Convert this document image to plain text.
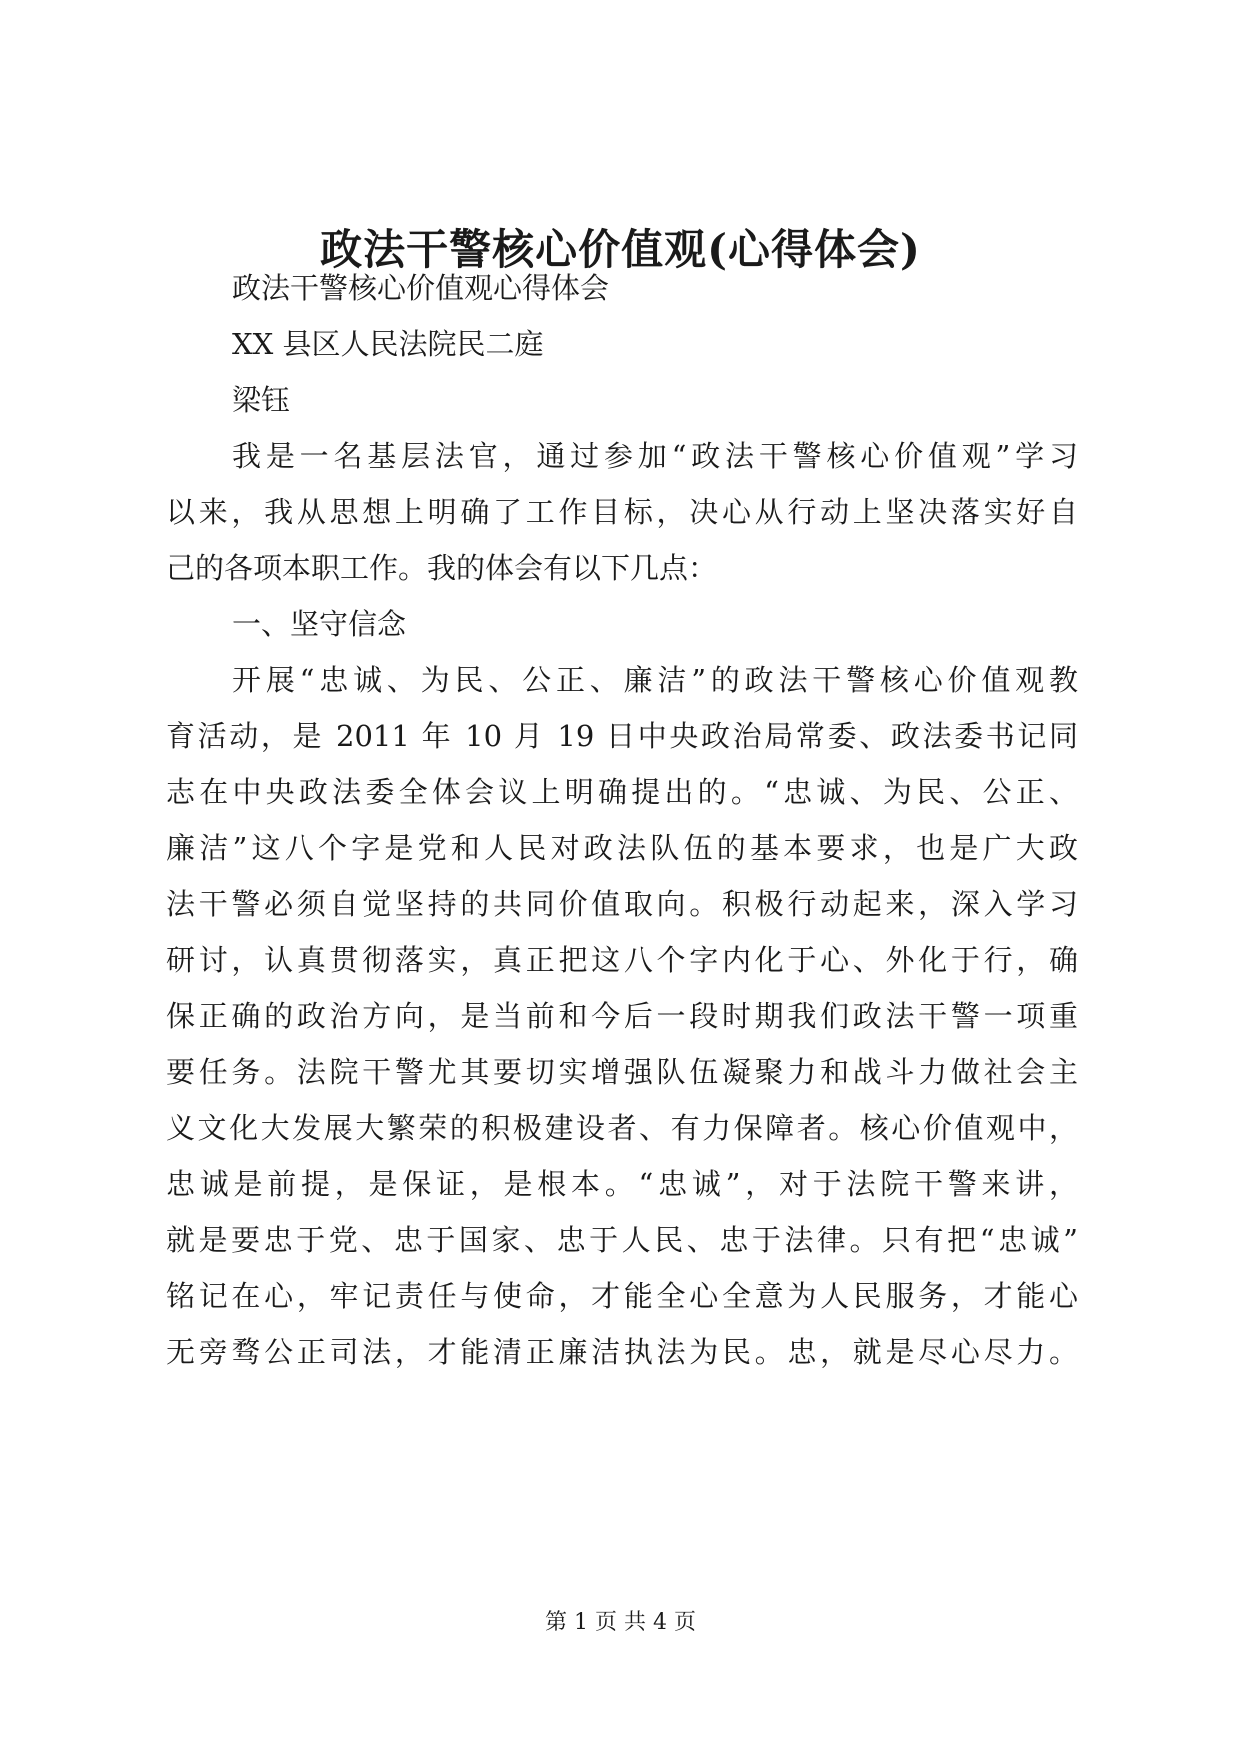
政法干警核心价值观(心得体会)
政法干警核心价值观心得体会
XX 县区人民法院民二庭
梁钰
我是一名基层法官，通过参加“政法干警核心价值观”学习
以来，我从思想上明确了工作目标，决心从行动上坚决落实好自
己的各项本职工作。我的体会有以下几点：
一、坚守信念
开展“忠诚、为民、公正、廉洁”的政法干警核心价值观教
育活动，是 2011 年 10 月 19 日中央政治局常委、政法委书记同
志在中央政法委全体会议上明确提出的。“忠诚、为民、公正、
廉洁”这八个字是党和人民对政法队伍的基本要求，也是广大政
法干警必须自觉坚持的共同价值取向。积极行动起来，深入学习
研讨，认真贯彻落实，真正把这八个字内化于心、外化于行，确
保正确的政治方向，是当前和今后一段时期我们政法干警一项重
要任务。法院干警尤其要切实增强队伍凝聚力和战斗力做社会主
义文化大发展大繁荣的积极建设者、有力保障者。核心价值观中，
忠诚是前提，是保证，是根本。“忠诚”，对于法院干警来讲，
就是要忠于党、忠于国家、忠于人民、忠于法律。只有把“忠诚”
铭记在心，牢记责任与使命，才能全心全意为人民服务，才能心
无旁骛公正司法，才能清正廉洁执法为民。忠，就是尽心尽力。
第 1 页 共 4 页
